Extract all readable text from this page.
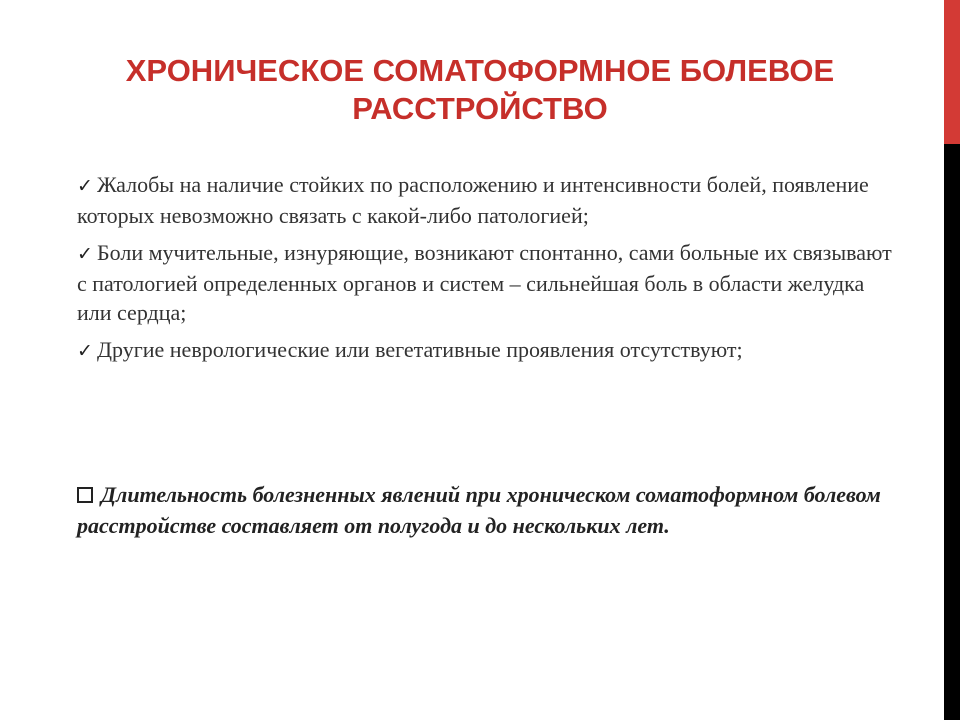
ХРОНИЧЕСКОЕ СОМАТОФОРМНОЕ БОЛЕВОЕ
РАССТРОЙСТВО
✓ Жалобы на наличие стойких по расположению и интенсивности болей, появление которых невозможно связать с какой-либо патологией;
✓ Боли мучительные, изнуряющие, возникают спонтанно, сами больные их связывают с патологией определенных органов и систем – сильнейшая боль в области желудка или сердца;
✓ Другие неврологические или вегетативные проявления отсутствуют;
Длительность болезненных явлений при хроническом соматоформном болевом расстройстве составляет от полугода и до нескольких лет.
